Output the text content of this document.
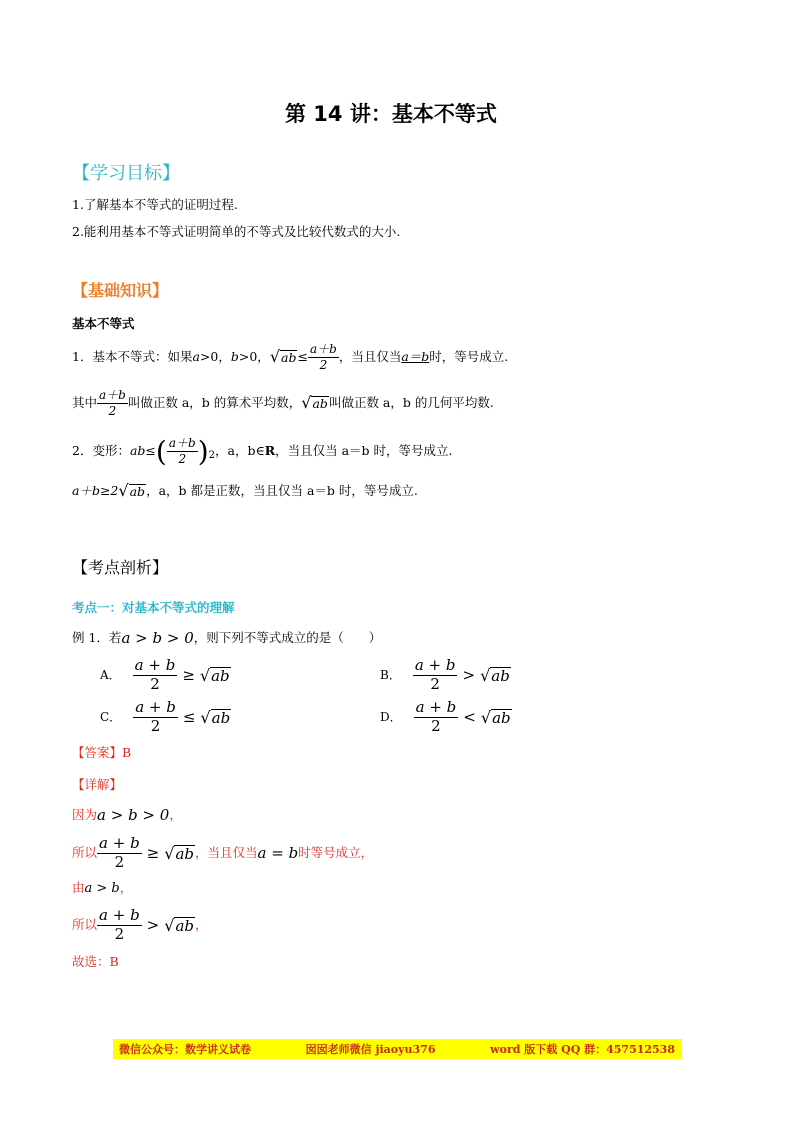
第 14 讲：基本不等式
【学习目标】
1.了解基本不等式的证明过程.
2.能利用基本不等式证明简单的不等式及比较代数式的大小.
【基础知识】
基本不等式
1．基本不等式：如果 a >0， b >0， √ ab ≤ $\frac{a+b}{2}$ ，当且仅当 a＝b 时，等号成立.
其中 $\frac{a+b}{2}$ 叫做正数 a，b 的算术平均数， √ ab 叫做正数 a，b 的几何平均数.
2．变形： ab ≤ ( $\frac{a+b}{2}$ ) 2 ，a，b∈ R ，当且仅当 a＝b 时，等号成立.
a＋b≥2 √ ab ，a，b 都是正数，当且仅当 a＝b 时，等号成立.
【考点剖析】
考点一：对基本不等式的理解
例 1．若 a > b > 0 ，则下列不等式成立的是（　　）
A． $\frac{a + b}{2}$ ≥ √ ab	B． $\frac{a + b}{2}$ > √ ab
C． $\frac{a + b}{2}$ ≤ √ ab	D． $\frac{a + b}{2}$ < √ ab
【答案】B
【详解】
因为 a > b > 0 ，
所以 $\frac{a + b}{2}$ ≥ √ ab ，当且仅当 a = b 时等号成立，
由 a > b ，
所以 $\frac{a + b}{2}$ > √ ab ，
故选：B
微信公众号：数学讲义试卷	囡囡老师微信 jiaoyu376	word 版下载 QQ 群：457512538
